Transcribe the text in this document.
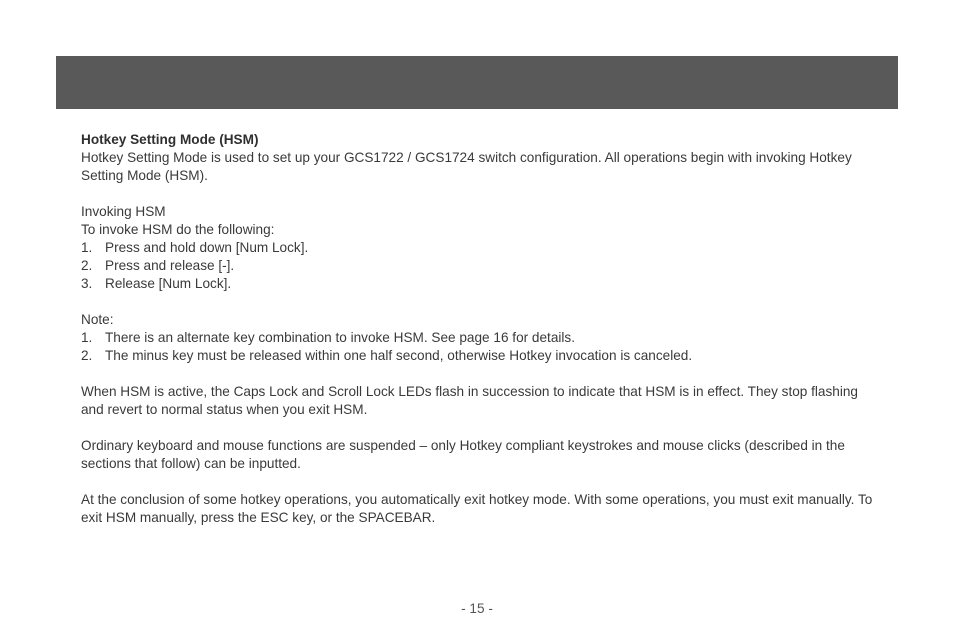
Hotkey Setting Mode (HSM)

Hotkey Setting Mode is used to set up your GCS1722 / GCS1724 switch configuration. All operations begin with invoking Hotkey Setting Mode (HSM).

Invoking HSM

To invoke HSM do the following:

1. Press and hold down [Num Lock].
2. Press and release [-].
3. Release [Num Lock].

Note:

1. There is an alternate key combination to invoke HSM. See page 16 for details.
2. The minus key must be released within one half second, otherwise Hotkey invocation is canceled.

When HSM is active, the Caps Lock and Scroll Lock LEDs flash in succession to indicate that HSM is in effect. They stop flashing and revert to normal status when you exit HSM.

Ordinary keyboard and mouse functions are suspended – only Hotkey compliant keystrokes and mouse clicks (described in the sections that follow) can be inputted.

At the conclusion of some hotkey operations, you automatically exit hotkey mode. With some operations, you must exit manually. To exit HSM manually, press the ESC key, or the SPACEBAR.

- 15 -
